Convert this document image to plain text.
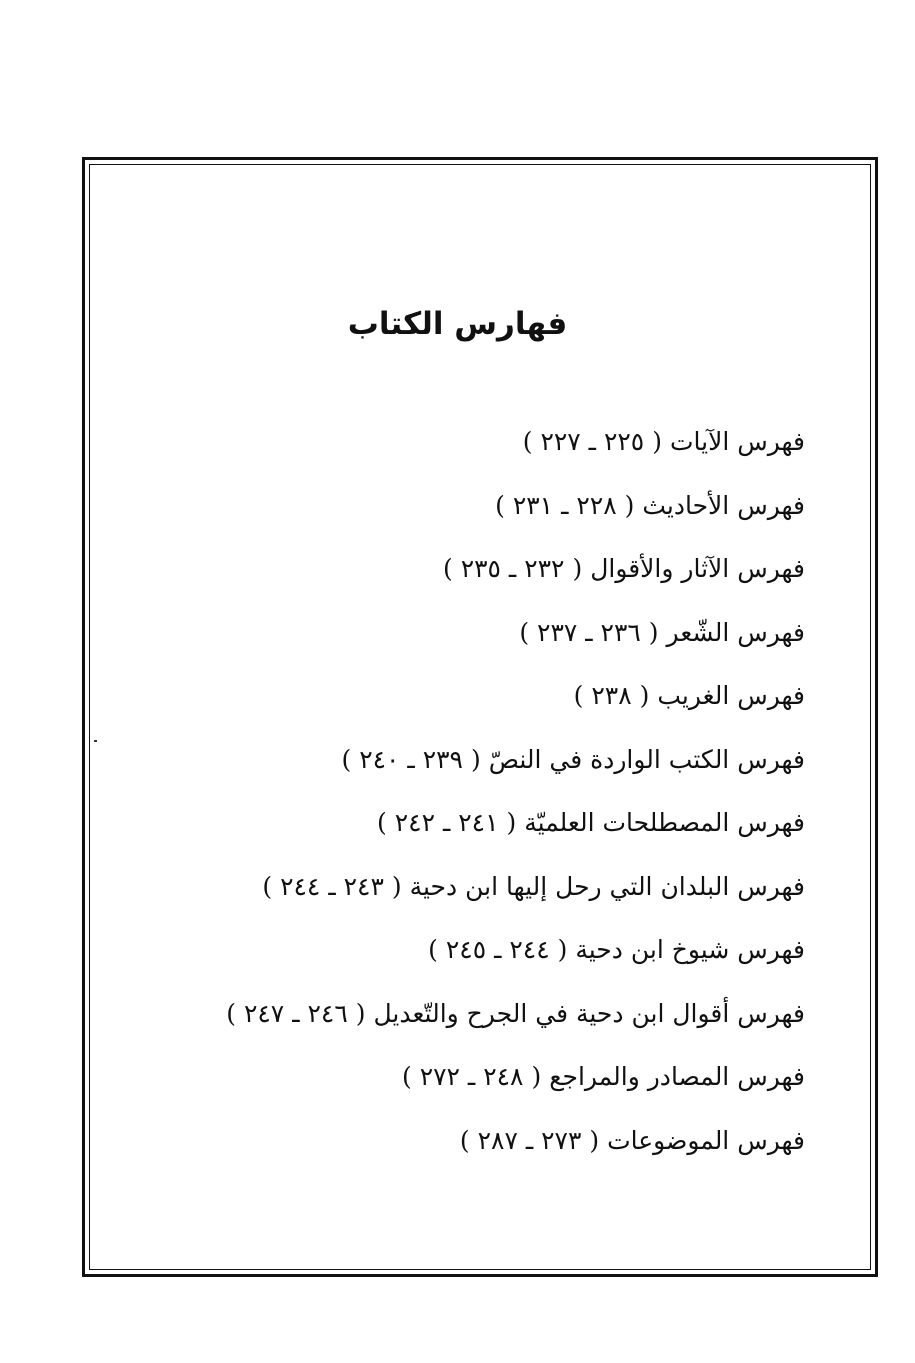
فهارس الكتاب
فهرس الآيات( ٢٢٥ ـ ٢٢٧ )
فهرس الأحاديث( ٢٢٨ ـ ٢٣١ )
فهرس الآثار والأقوال( ٢٣٢ ـ ٢٣٥ )
فهرس الشّعر( ٢٣٦ ـ ٢٣٧ )
فهرس الغريب( ٢٣٨ )
فهرس الكتب الواردة في النصّ( ٢٣٩ ـ ٢٤٠ )
فهرس المصطلحات العلميّة( ٢٤١ ـ ٢٤٢ )
فهرس البلدان التي رحل إليها ابن دحية( ٢٤٣ ـ ٢٤٤ )
فهرس شيوخ ابن دحية( ٢٤٤ ـ ٢٤٥ )
فهرس أقوال ابن دحية في الجرح والتّعديل( ٢٤٦ ـ ٢٤٧ )
فهرس المصادر والمراجع( ٢٤٨ ـ ٢٧٢ )
فهرس الموضوعات( ٢٧٣ ـ ٢٨٧ )
